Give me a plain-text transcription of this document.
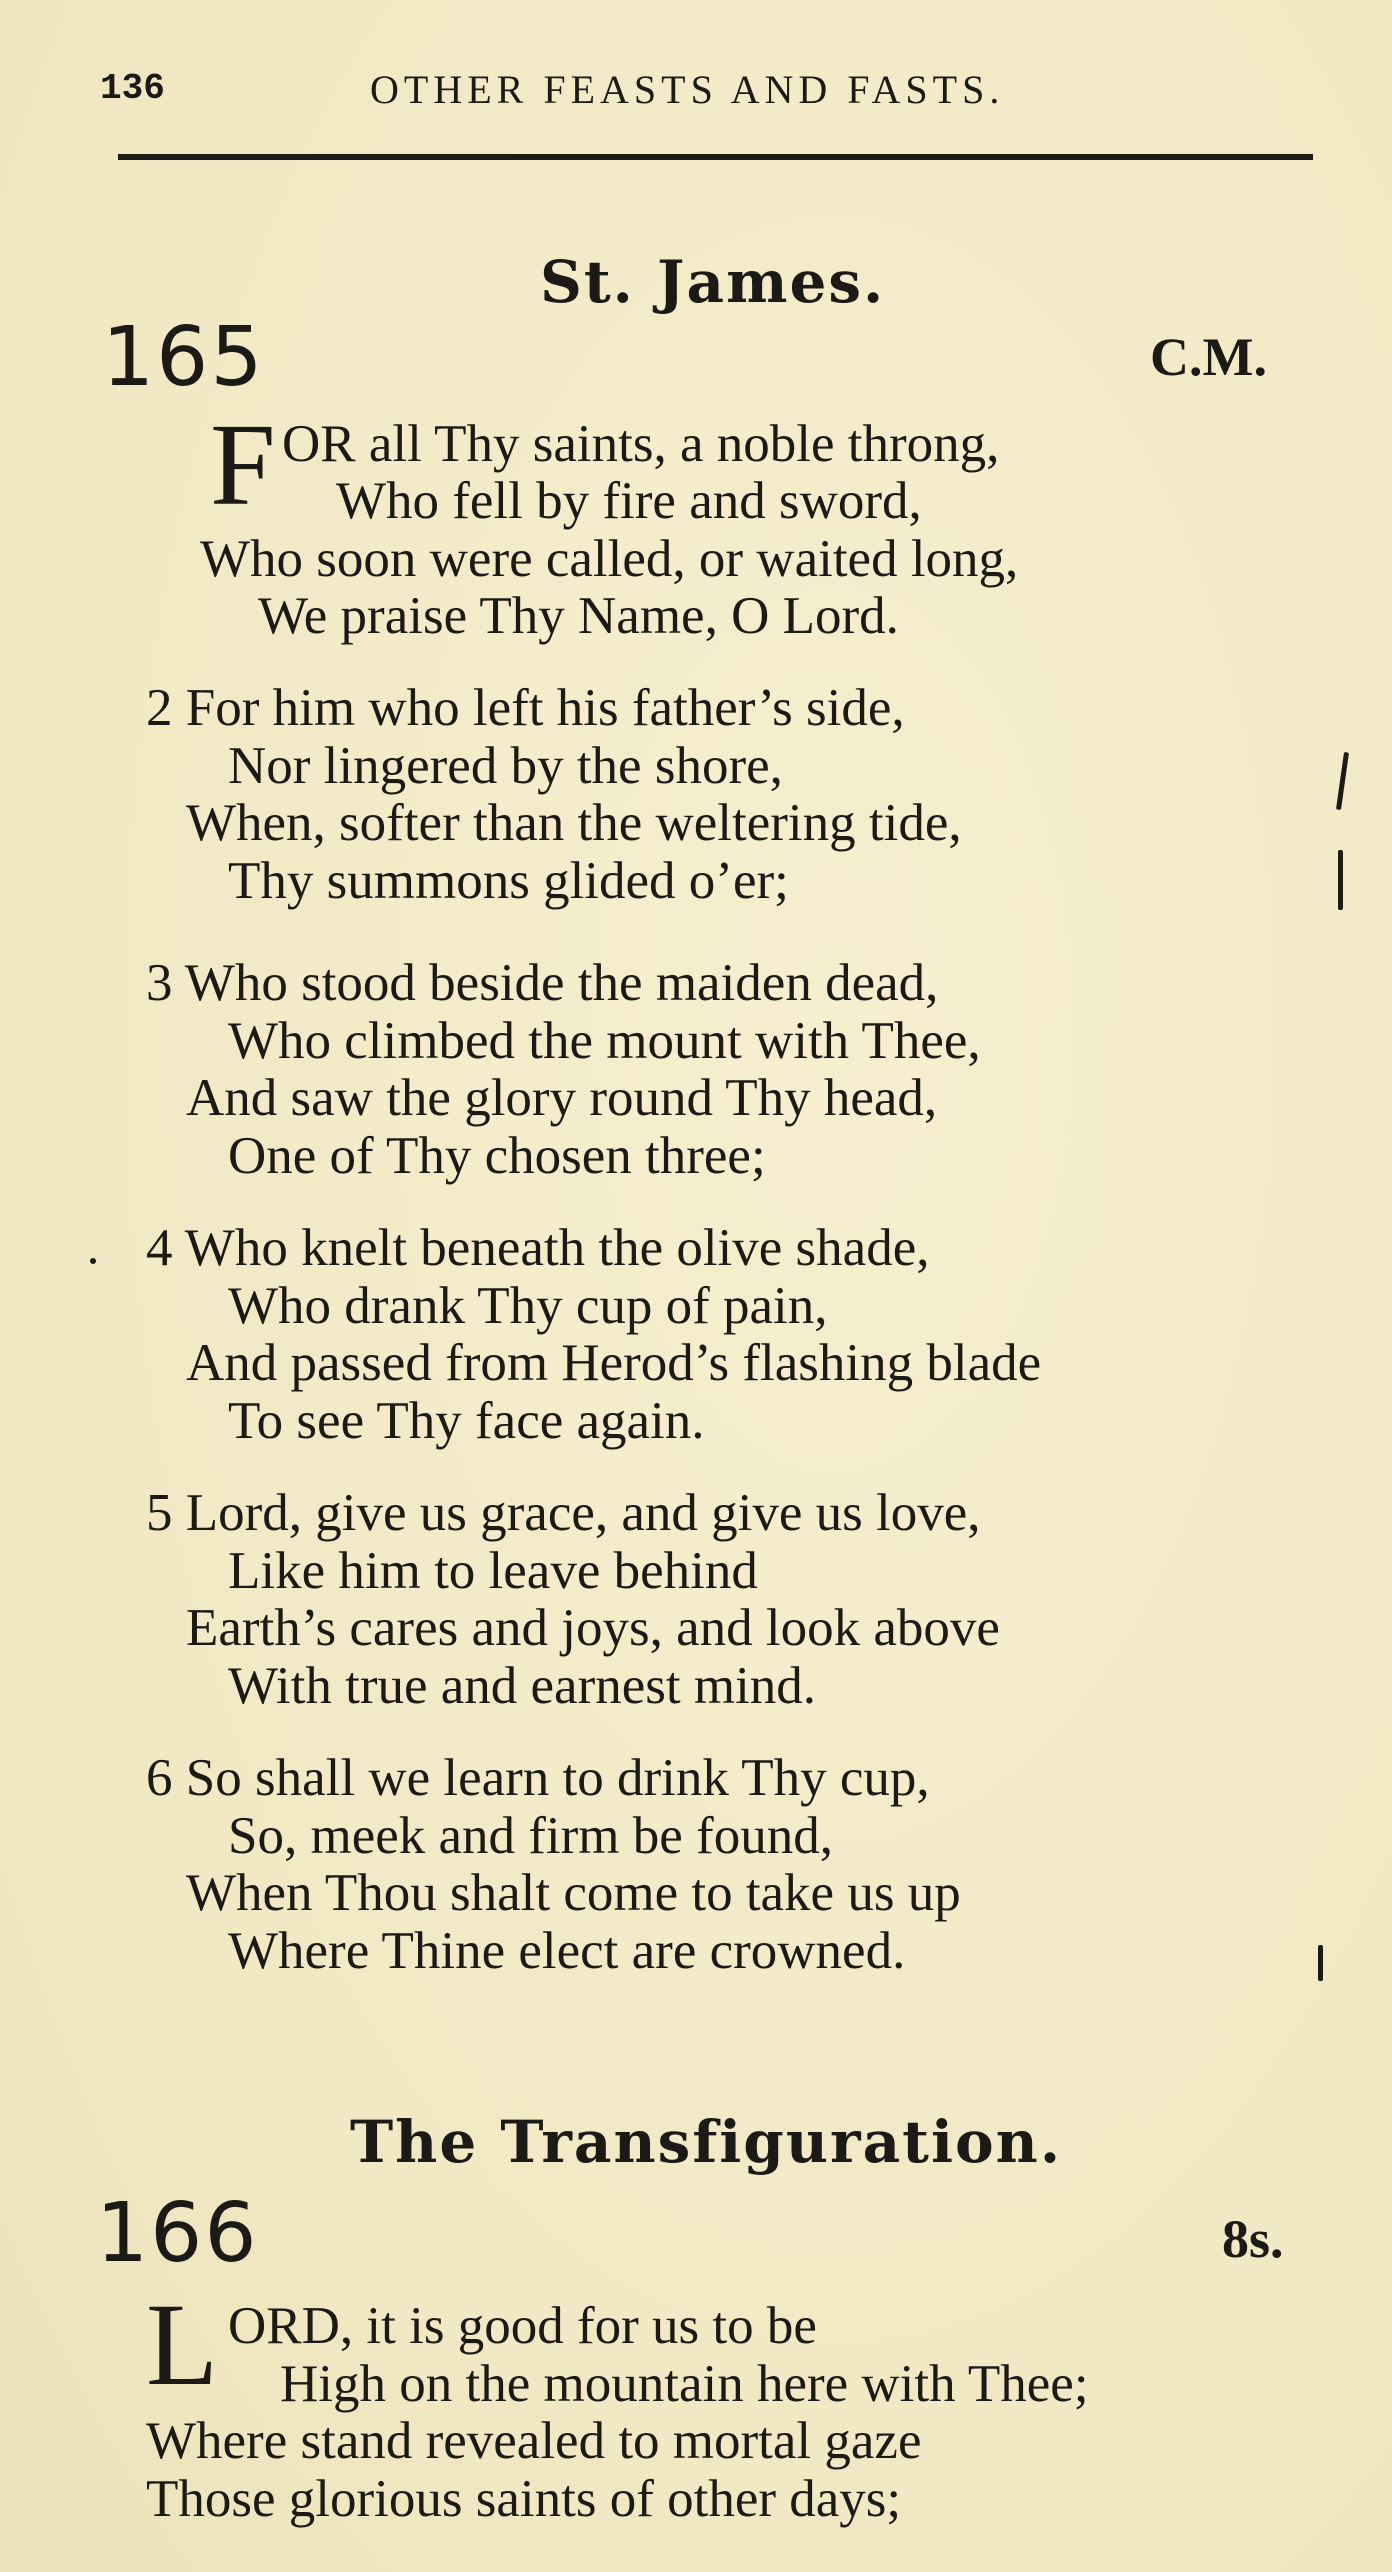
136	OTHER FEASTS AND FASTS.
St. James.
165	C.M.
F OR all Thy saints, a noble throng,
Who fell by fire and sword,
Who soon were called, or waited long,
We praise Thy Name, O Lord.
2 For him who left his father’s side,
Nor lingered by the shore,
When, softer than the weltering tide,
Thy summons glided o’er;
3 Who stood beside the maiden dead,
Who climbed the mount with Thee,
And saw the glory round Thy head,
One of Thy chosen three;
4 Who knelt beneath the olive shade,
Who drank Thy cup of pain,
And passed from Herod’s flashing blade
To see Thy face again.
5 Lord, give us grace, and give us love,
Like him to leave behind
Earth’s cares and joys, and look above
With true and earnest mind.
6 So shall we learn to drink Thy cup,
So, meek and firm be found,
When Thou shalt come to take us up
Where Thine elect are crowned.
The Transfiguration.
166	8s.
L ORD, it is good for us to be
High on the mountain here with Thee;
Where stand revealed to mortal gaze
Those glorious saints of other days;
